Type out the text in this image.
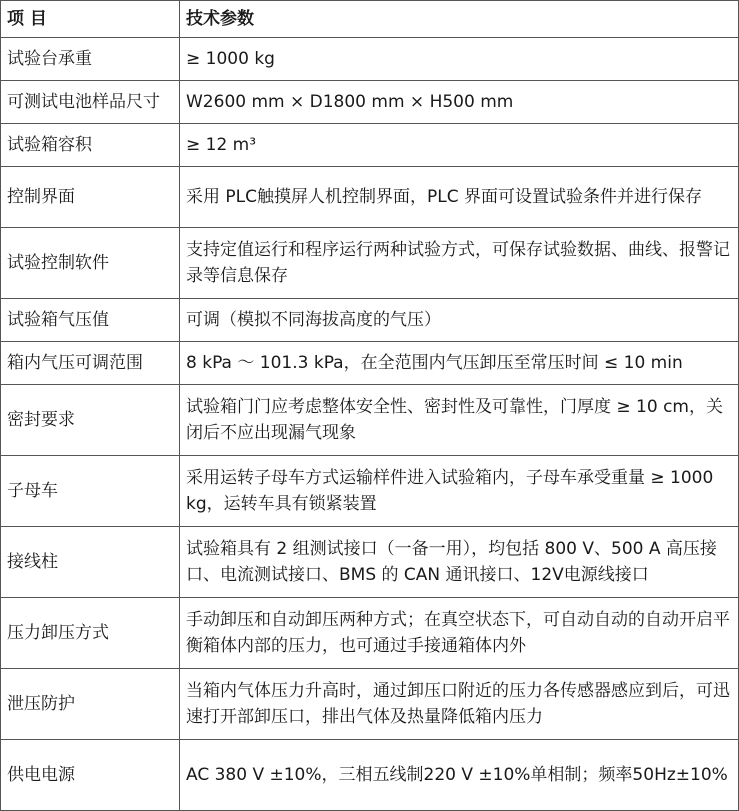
项 目	技术参数
试验台承重	≥ 1000 kg
可测试电池样品尺寸	W2600 mm × D1800 mm × H500 mm
试验箱容积	≥ 12 m³
控制界面	采用 PLC触摸屏人机控制界面，PLC 界面可设置试验条件并进行保存
试验控制软件	支持定值运行和程序运行两种试验方式，可保存试验数据、曲线、报警记录等信息保存
试验箱气压值	可调（模拟不同海拔高度的气压）
箱内气压可调范围	8 kPa ～ 101.3 kPa，在全范围内气压卸压至常压时间 ≤ 10 min
密封要求	试验箱门门应考虑整体安全性、密封性及可靠性，门厚度 ≥ 10 cm，关闭后不应出现漏气现象
子母车	采用运转子母车方式运输样件进入试验箱内，子母车承受重量 ≥ 1000 kg，运转车具有锁紧装置
接线柱	试验箱具有 2 组测试接口（一备一用），均包括 800 V、500 A 高压接口、电流测试接口、BMS 的 CAN 通讯接口、12V电源线接口
压力卸压方式	手动卸压和自动卸压两种方式；在真空状态下，可自动自动的自动开启平衡箱体内部的压力，也可通过手接通箱体内外
泄压防护	当箱内气体压力升高时，通过卸压口附近的压力各传感器感应到后，可迅速打开部卸压口，排出气体及热量降低箱内压力
供电电源	AC 380 V ±10%，三相五线制220 V ±10%单相制；频率50Hz±10%
